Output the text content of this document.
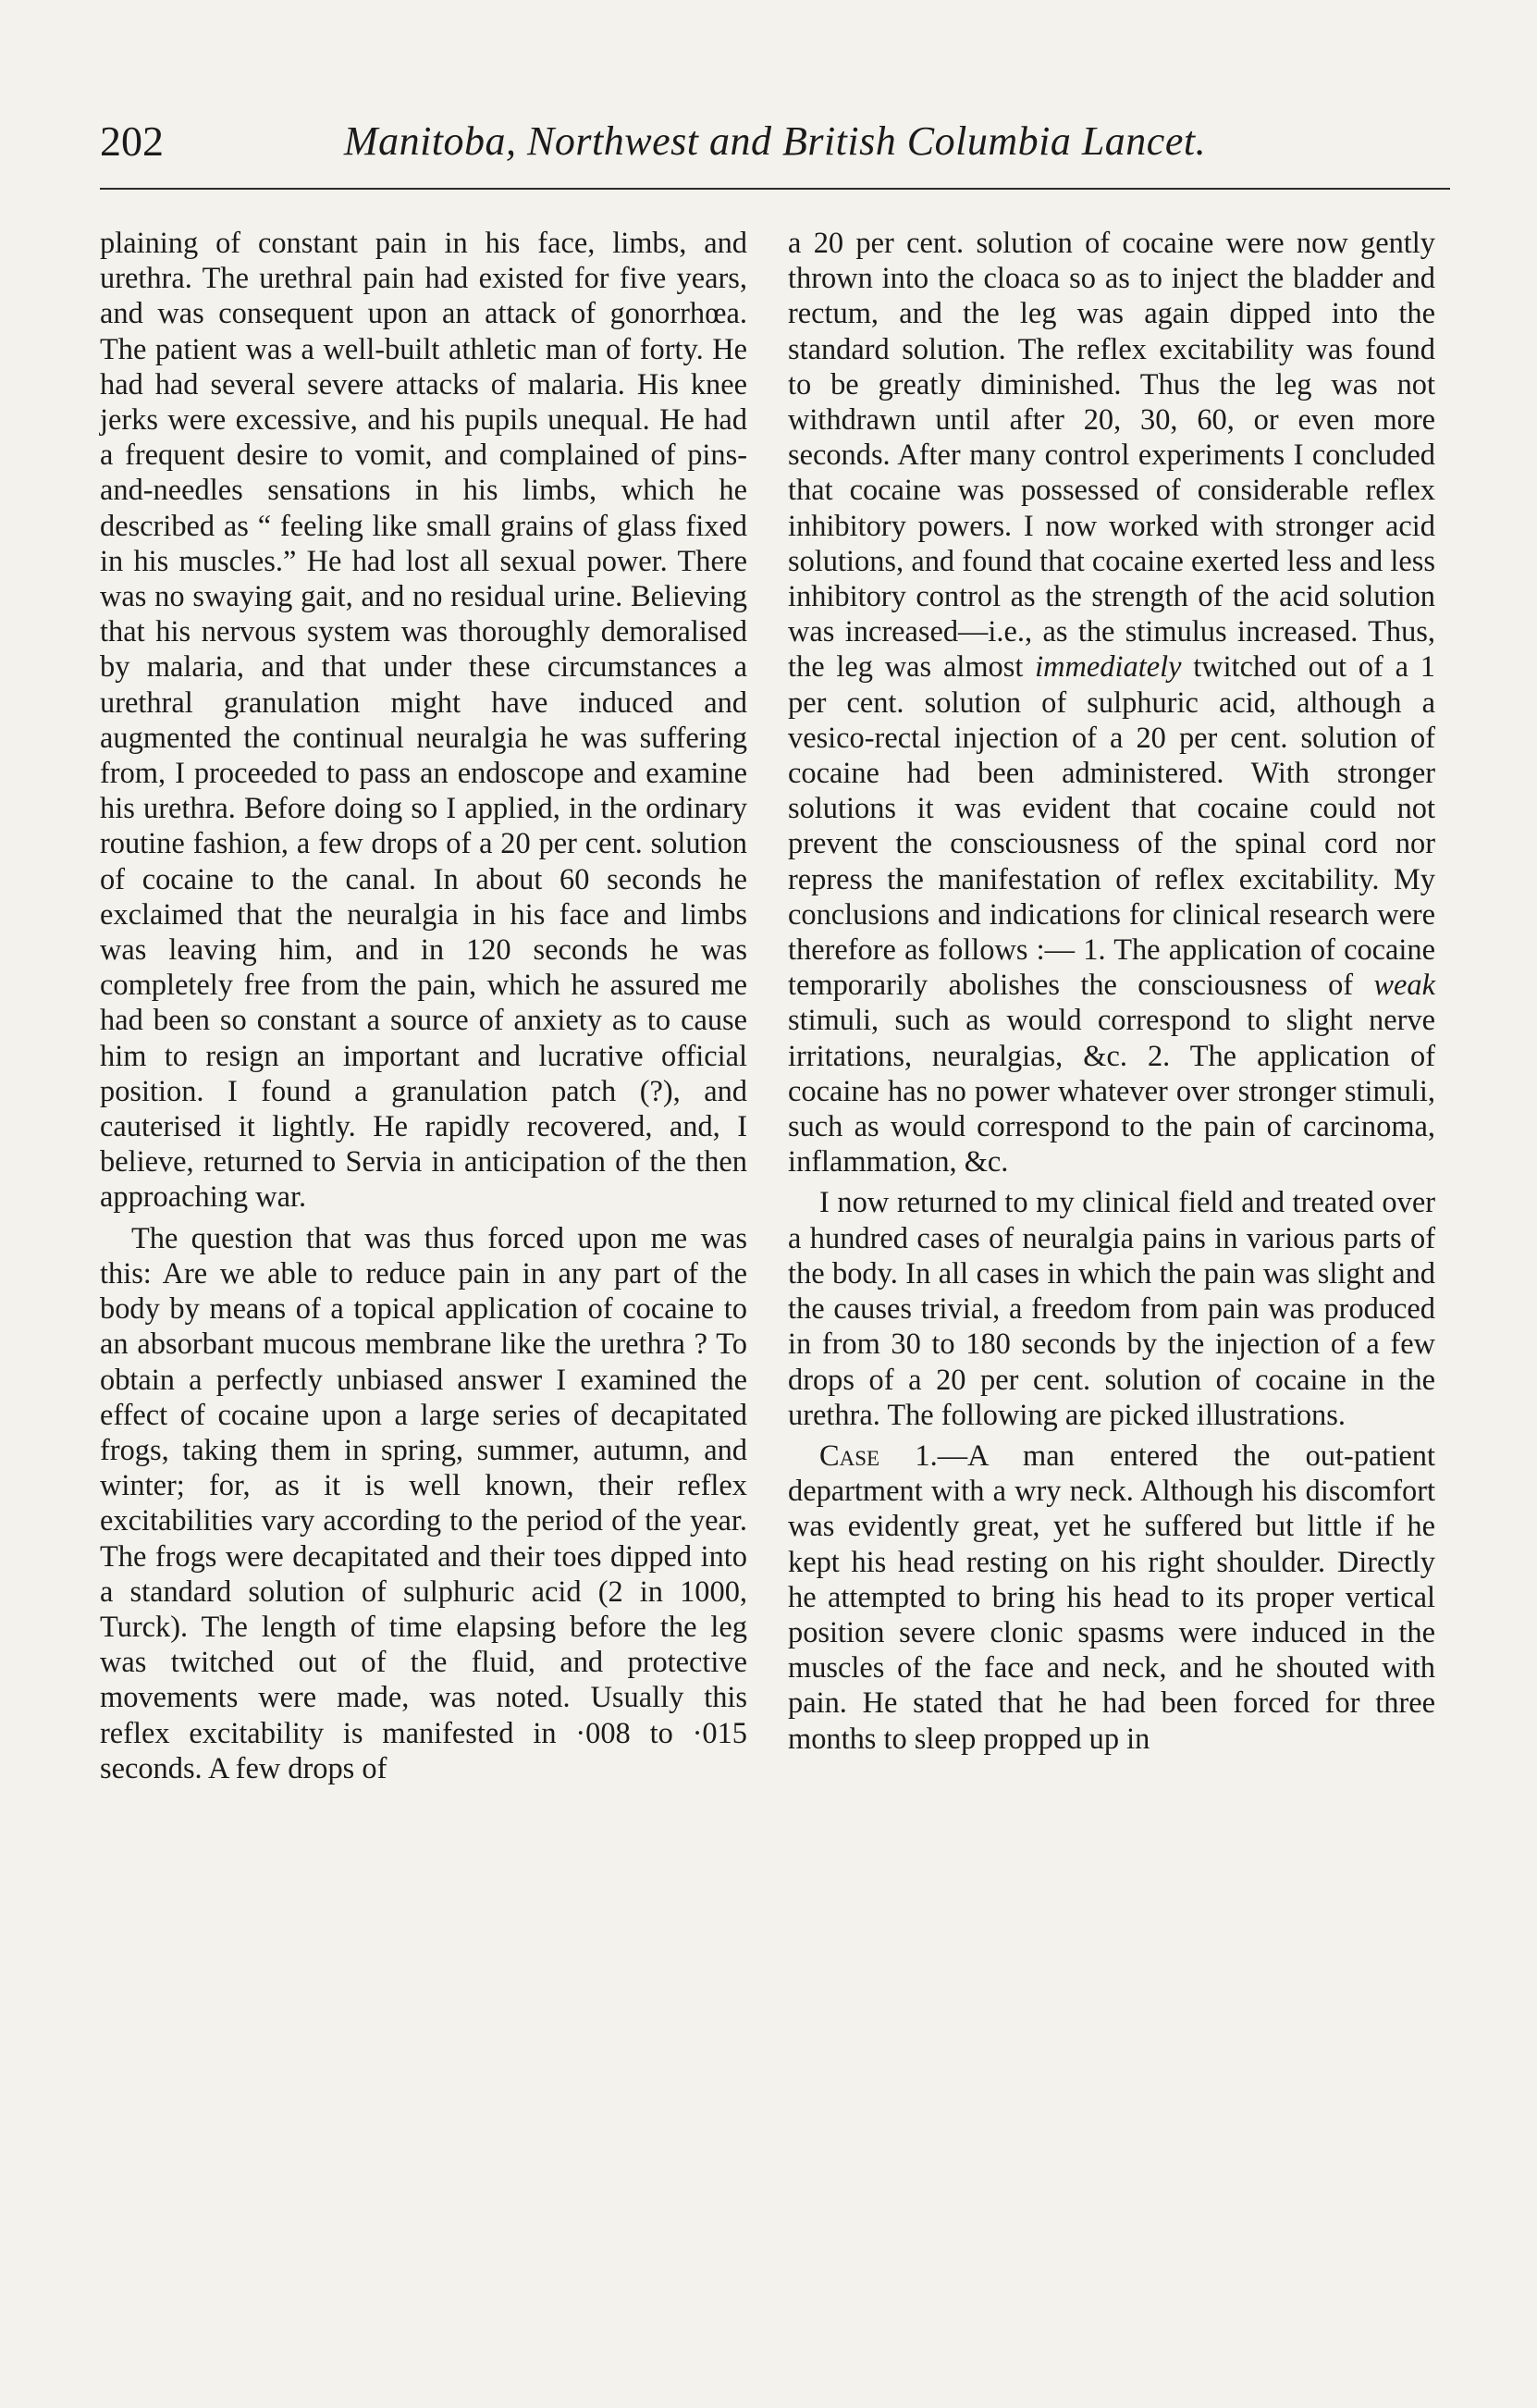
202	Manitoba, Northwest and British Columbia Lancet.

plaining of constant pain in his face, limbs, and urethra. The urethral pain had existed for five years, and was consequent upon an attack of gonorrhœa. The patient was a well-built athletic man of forty. He had had several severe attacks of malaria. His knee jerks were excessive, and his pupils unequal. He had a frequent desire to vomit, and complained of pins-and-needles sensations in his limbs, which he described as “ feeling like small grains of glass fixed in his muscles.” He had lost all sexual power. There was no swaying gait, and no residual urine. Believing that his nervous system was thoroughly demoralised by malaria, and that under these circumstances a urethral granulation might have induced and augmented the continual neuralgia he was suffering from, I proceeded to pass an endoscope and examine his urethra. Before doing so I applied, in the ordinary routine fashion, a few drops of a 20 per cent. solution of cocaine to the canal. In about 60 seconds he exclaimed that the neuralgia in his face and limbs was leaving him, and in 120 seconds he was completely free from the pain, which he assured me had been so constant a source of anxiety as to cause him to resign an important and lucrative official position. I found a granulation patch (?), and cauterised it lightly. He rapidly recovered, and, I believe, returned to Servia in anticipation of the then approaching war.

The question that was thus forced upon me was this: Are we able to reduce pain in any part of the body by means of a topical application of cocaine to an absorbant mucous membrane like the urethra ? To obtain a perfectly unbiased answer I examined the effect of cocaine upon a large series of decapitated frogs, taking them in spring, summer, autumn, and winter; for, as it is well known, their reflex excitabilities vary according to the period of the year. The frogs were decapitated and their toes dipped into a standard solution of sulphuric acid (2 in 1000, Turck). The length of time elapsing before the leg was twitched out of the fluid, and protective movements were made, was noted. Usually this reflex excitability is manifested in ·008 to ·015 seconds. A few drops of

a 20 per cent. solution of cocaine were now gently thrown into the cloaca so as to inject the bladder and rectum, and the leg was again dipped into the standard solution. The reflex excitability was found to be greatly diminished. Thus the leg was not withdrawn until after 20, 30, 60, or even more seconds. After many control experiments I concluded that cocaine was possessed of considerable reflex inhibitory powers. I now worked with stronger acid solutions, and found that cocaine exerted less and less inhibitory control as the strength of the acid solution was increased—i.e., as the stimulus increased. Thus, the leg was almost immediately twitched out of a 1 per cent. solution of sulphuric acid, although a vesico-rectal injection of a 20 per cent. solution of cocaine had been administered. With stronger solutions it was evident that cocaine could not prevent the consciousness of the spinal cord nor repress the manifestation of reflex excitability. My conclusions and indications for clinical research were therefore as follows :— 1. The application of cocaine temporarily abolishes the consciousness of weak stimuli, such as would correspond to slight nerve irritations, neuralgias, &c. 2. The application of cocaine has no power whatever over stronger stimuli, such as would correspond to the pain of carcinoma, inflammation, &c.

I now returned to my clinical field and treated over a hundred cases of neuralgia pains in various parts of the body. In all cases in which the pain was slight and the causes trivial, a freedom from pain was produced in from 30 to 180 seconds by the injection of a few drops of a 20 per cent. solution of cocaine in the urethra. The following are picked illustrations.

Case 1.—A man entered the out-patient department with a wry neck. Although his discomfort was evidently great, yet he suffered but little if he kept his head resting on his right shoulder. Directly he attempted to bring his head to its proper vertical position severe clonic spasms were induced in the muscles of the face and neck, and he shouted with pain. He stated that he had been forced for three months to sleep propped up in
